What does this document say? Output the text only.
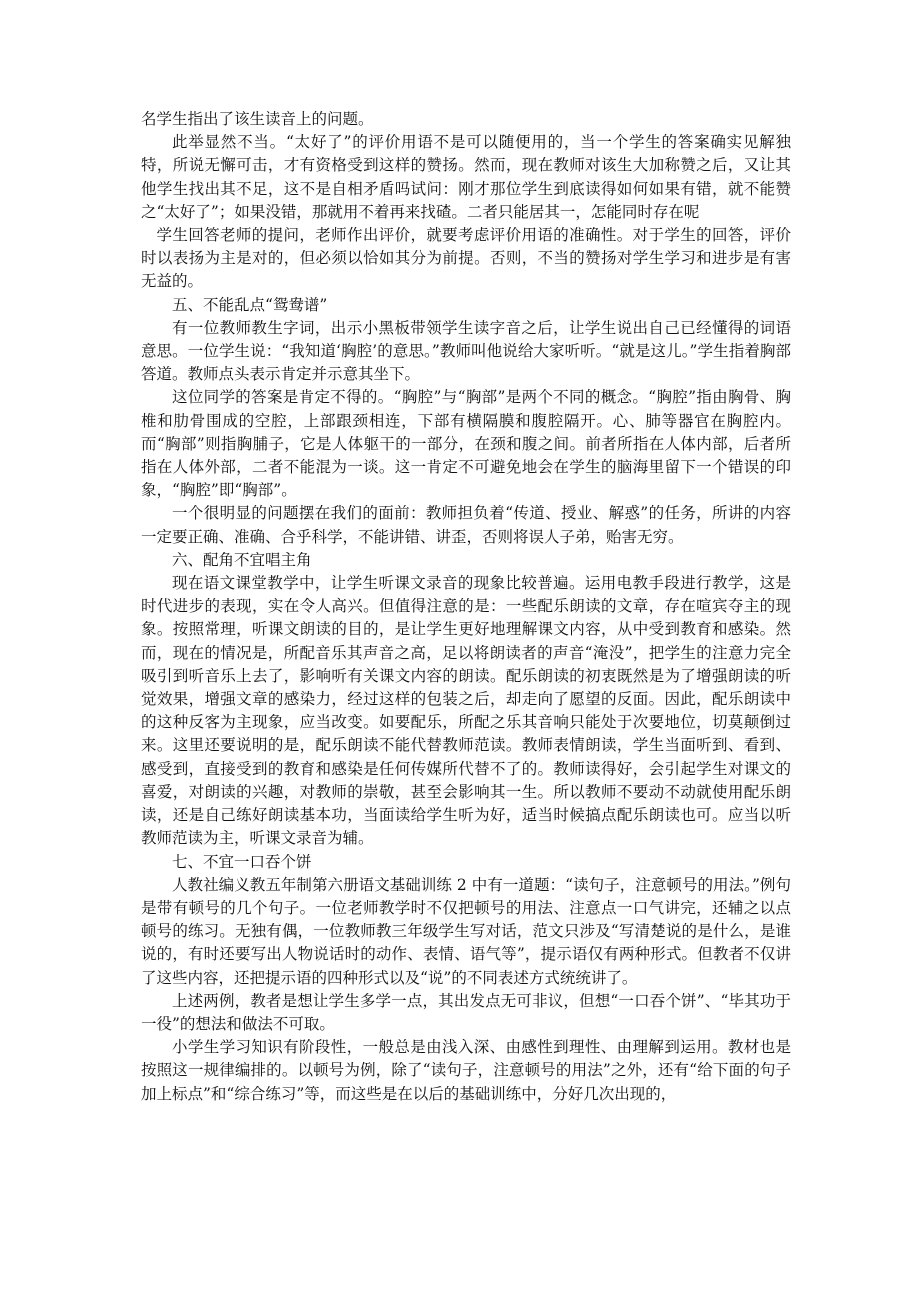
名学生指出了该生读音上的问题。

此举显然不当。“太好了”的评价用语不是可以随便用的，当一个学生的答案确实见解独特，所说无懈可击，才有资格受到这样的赞扬。然而，现在教师对该生大加称赞之后，又让其他学生找出其不足，这不是自相矛盾吗试问：刚才那位学生到底读得如何如果有错，就不能赞之“太好了”；如果没错，那就用不着再来找碴。二者只能居其一，怎能同时存在呢

学生回答老师的提问，老师作出评价，就要考虑评价用语的准确性。对于学生的回答，评价时以表扬为主是对的，但必须以恰如其分为前提。否则，不当的赞扬对学生学习和进步是有害无益的。

五、不能乱点“鸳鸯谱”

有一位教师教生字词，出示小黑板带领学生读字音之后，让学生说出自己已经懂得的词语意思。一位学生说：“我知道‘胸腔’的意思。”教师叫他说给大家听听。“就是这儿。”学生指着胸部答道。教师点头表示肯定并示意其坐下。

这位同学的答案是肯定不得的。“胸腔”与“胸部”是两个不同的概念。“胸腔”指由胸骨、胸椎和肋骨围成的空腔，上部跟颈相连，下部有横隔膜和腹腔隔开。心、肺等器官在胸腔内。而“胸部”则指胸脯子，它是人体躯干的一部分，在颈和腹之间。前者所指在人体内部，后者所指在人体外部，二者不能混为一谈。这一肯定不可避免地会在学生的脑海里留下一个错误的印象，“胸腔”即“胸部”。

一个很明显的问题摆在我们的面前：教师担负着“传道、授业、解惑”的任务，所讲的内容一定要正确、准确、合乎科学，不能讲错、讲歪，否则将误人子弟，贻害无穷。

六、配角不宜唱主角

现在语文课堂教学中，让学生听课文录音的现象比较普遍。运用电教手段进行教学，这是时代进步的表现，实在令人高兴。但值得注意的是：一些配乐朗读的文章，存在喧宾夺主的现象。按照常理，听课文朗读的目的，是让学生更好地理解课文内容，从中受到教育和感染。然而，现在的情况是，所配音乐其声音之高，足以将朗读者的声音“淹没”，把学生的注意力完全吸引到听音乐上去了，影响听有关课文内容的朗读。配乐朗读的初衷既然是为了增强朗读的听觉效果，增强文章的感染力，经过这样的包装之后，却走向了愿望的反面。因此，配乐朗读中的这种反客为主现象，应当改变。如要配乐，所配之乐其音响只能处于次要地位，切莫颠倒过来。这里还要说明的是，配乐朗读不能代替教师范读。教师表情朗读，学生当面听到、看到、感受到，直接受到的教育和感染是任何传媒所代替不了的。教师读得好，会引起学生对课文的喜爱，对朗读的兴趣，对教师的崇敬，甚至会影响其一生。所以教师不要动不动就使用配乐朗读，还是自己练好朗读基本功，当面读给学生听为好，适当时候搞点配乐朗读也可。应当以听教师范读为主，听课文录音为辅。

七、不宜一口吞个饼

人教社编义教五年制第六册语文基础训练 2 中有一道题：“读句子，注意顿号的用法。”例句是带有顿号的几个句子。一位老师教学时不仅把顿号的用法、注意点一口气讲完，还辅之以点顿号的练习。无独有偶，一位教师教三年级学生写对话，范文只涉及“写清楚说的是什么，是谁说的，有时还要写出人物说话时的动作、表情、语气等”，提示语仅有两种形式。但教者不仅讲了这些内容，还把提示语的四种形式以及“说”的不同表述方式统统讲了。

上述两例，教者是想让学生多学一点，其出发点无可非议，但想“一口吞个饼”、“毕其功于一役”的想法和做法不可取。

小学生学习知识有阶段性，一般总是由浅入深、由感性到理性、由理解到运用。教材也是按照这一规律编排的。以顿号为例，除了“读句子，注意顿号的用法”之外，还有“给下面的句子加上标点”和“综合练习”等，而这些是在以后的基础训练中，分好几次出现的，
